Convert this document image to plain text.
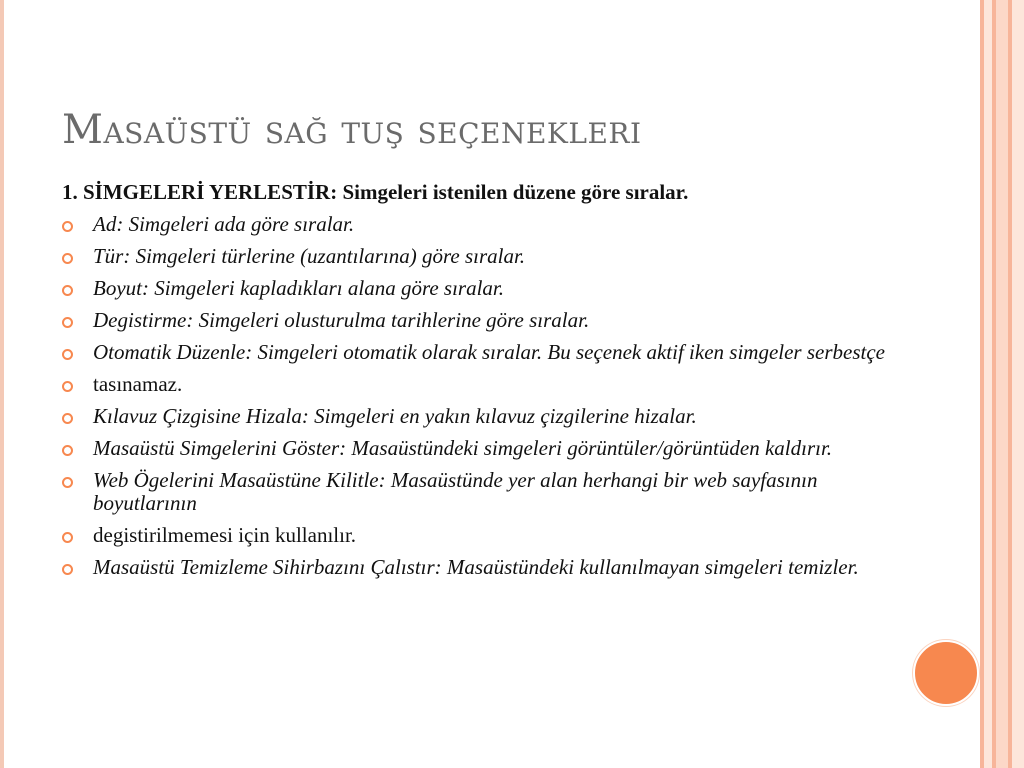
Masaüstü sağ tuş seçenekleri
1. SİMGELERİ YERLESTİR: Simgeleri istenilen düzene göre sıralar.
Ad: Simgeleri ada göre sıralar.
Tür: Simgeleri türlerine (uzantılarına) göre sıralar.
Boyut: Simgeleri kapladıkları alana göre sıralar.
Degistirme: Simgeleri olusturulma tarihlerine göre sıralar.
Otomatik Düzenle: Simgeleri otomatik olarak sıralar. Bu seçenek aktif iken simgeler serbestçe
tasınamaz.
Kılavuz Çizgisine Hizala: Simgeleri en yakın kılavuz çizgilerine hizalar.
Masaüstü Simgelerini Göster: Masaüstündeki simgeleri görüntüler/görüntüden kaldırır.
Web Ögelerini Masaüstüne Kilitle: Masaüstünde yer alan herhangi bir web sayfasının boyutlarının
degistirilmemesi için kullanılır.
Masaüstü Temizleme Sihirbazını Çalıstır: Masaüstündeki kullanılmayan simgeleri temizler.
